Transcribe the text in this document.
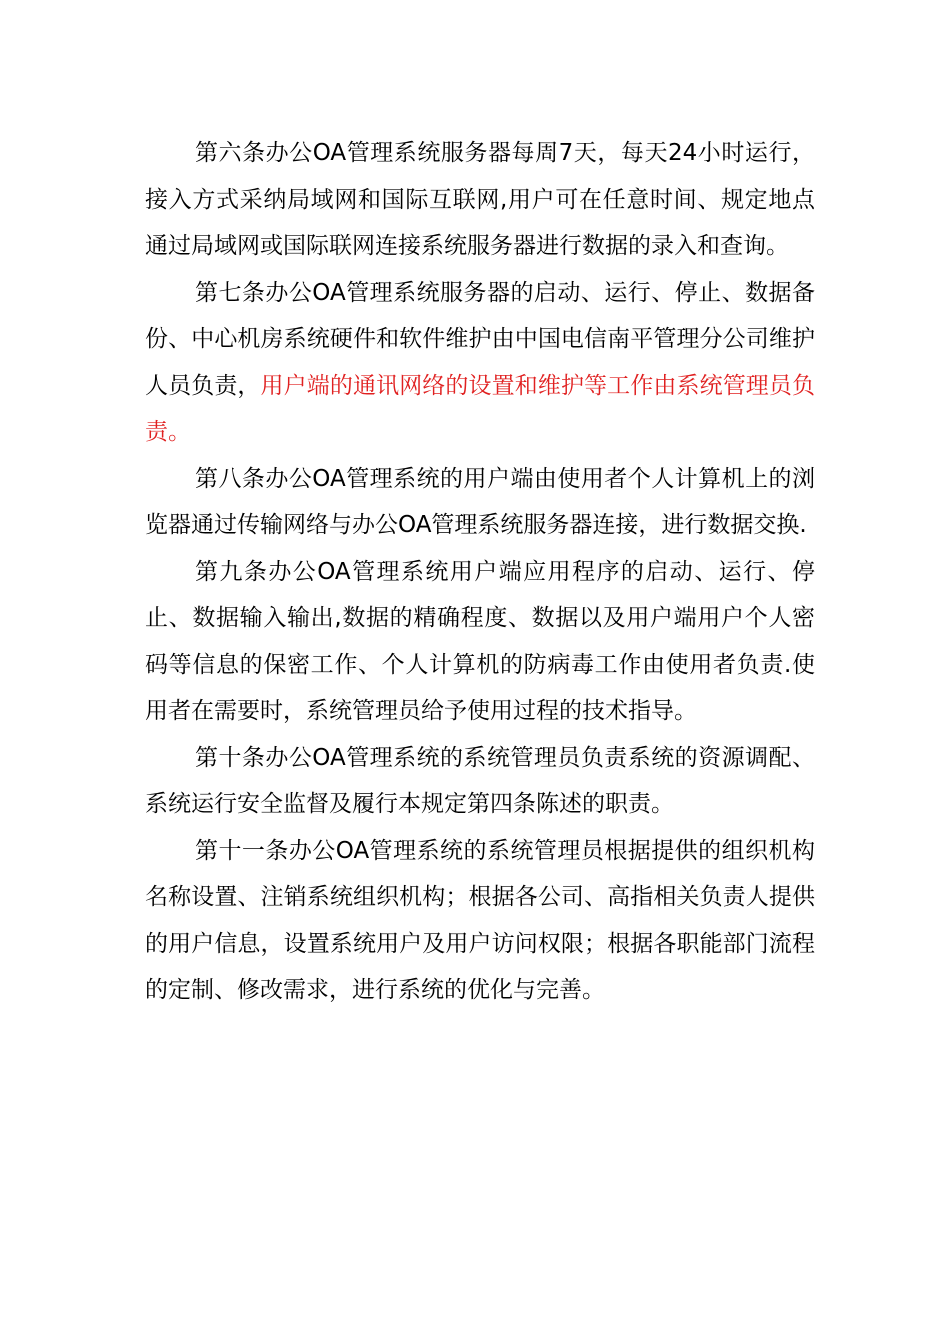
第六条办公OA管理系统服务器每周7天，每天24小时运行，接入方式采纳局域网和国际互联网,用户可在任意时间、规定地点通过局域网或国际联网连接系统服务器进行数据的录入和查询。

第七条办公OA管理系统服务器的启动、运行、停止、数据备份、中心机房系统硬件和软件维护由中国电信南平管理分公司维护人员负责，用户端的通讯网络的设置和维护等工作由系统管理员负责。

第八条办公OA管理系统的用户端由使用者个人计算机上的浏览器通过传输网络与办公OA管理系统服务器连接，进行数据交换.

第九条办公OA管理系统用户端应用程序的启动、运行、停止、数据输入输出,数据的精确程度、数据以及用户端用户个人密码等信息的保密工作、个人计算机的防病毒工作由使用者负责.使用者在需要时，系统管理员给予使用过程的技术指导。

第十条办公OA管理系统的系统管理员负责系统的资源调配、系统运行安全监督及履行本规定第四条陈述的职责。

第十一条办公OA管理系统的系统管理员根据提供的组织机构名称设置、注销系统组织机构；根据各公司、高指相关负责人提供的用户信息，设置系统用户及用户访问权限；根据各职能部门流程的定制、修改需求，进行系统的优化与完善。
